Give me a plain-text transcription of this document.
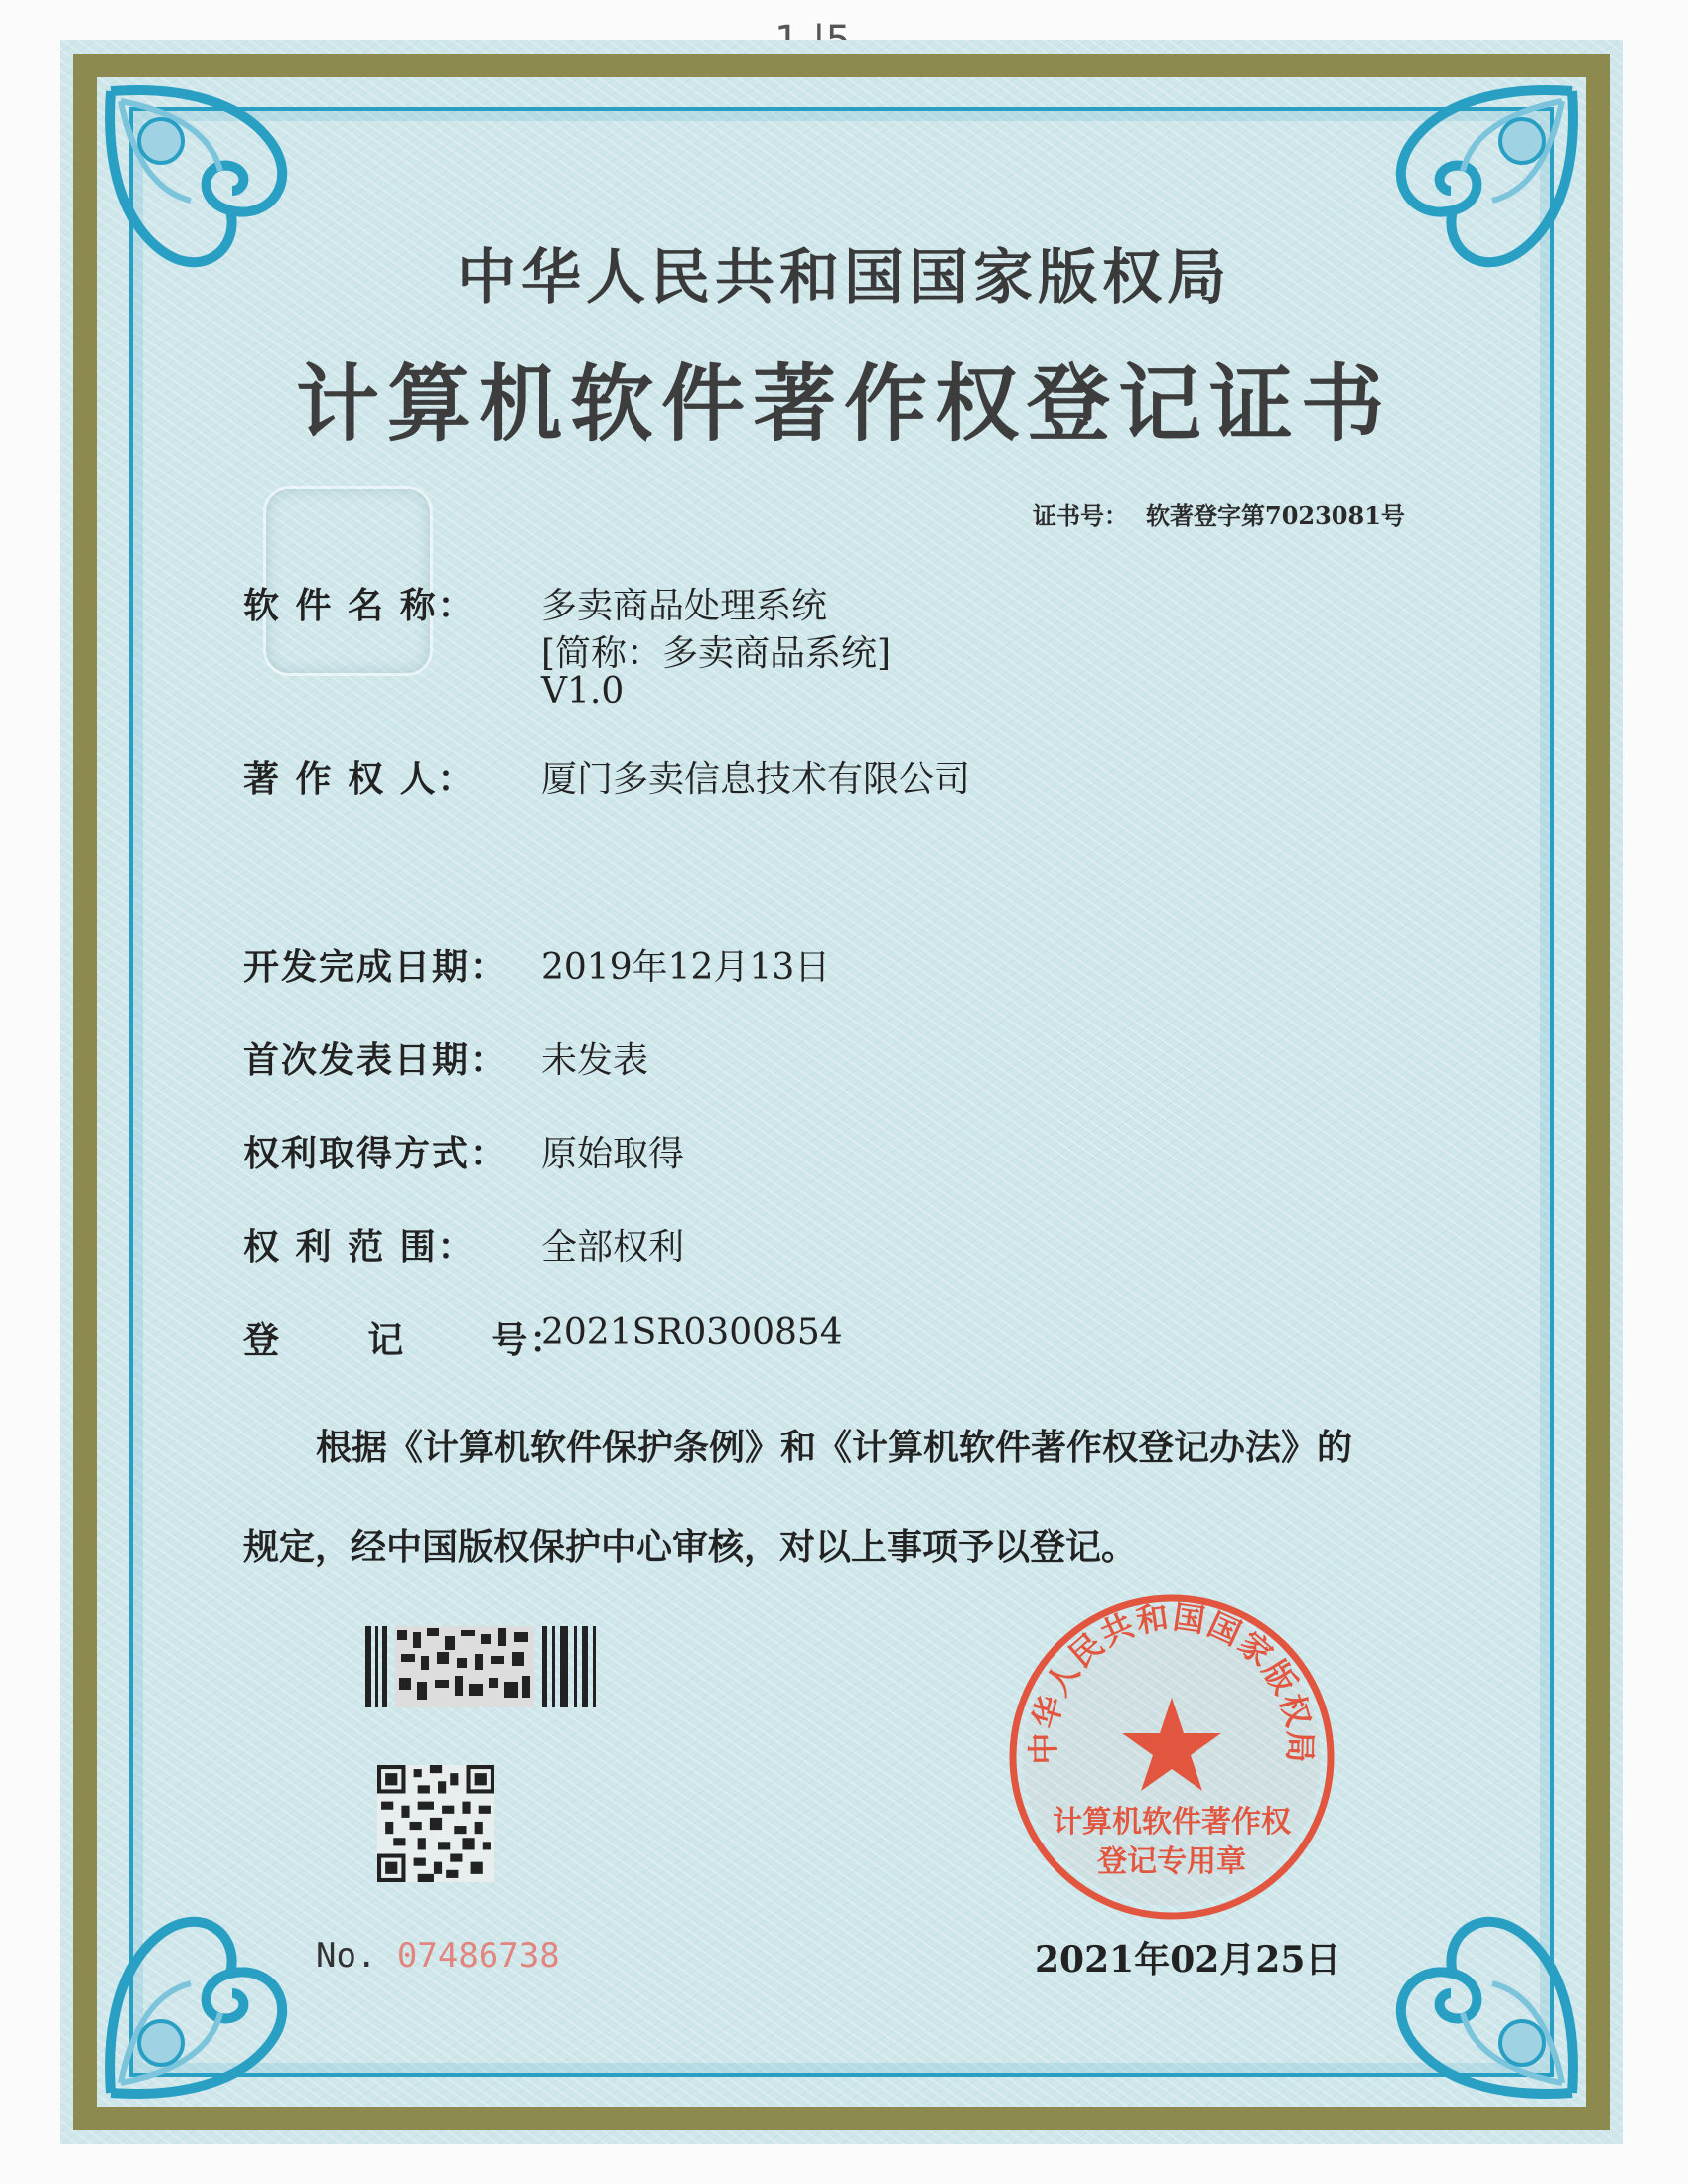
中华人民共和国国家版权局
计算机软件著作权登记证书
证书号： 软著登字第7023081号
软 件 名 称： 多卖商品处理系统
[简称：多卖商品系统]
V1.0
著 作 权 人： 厦门多卖信息技术有限公司
开发完成日期： 2019年12月13日
首次发表日期： 未发表
权利取得方式： 原始取得
权 利 范 围： 全部权利
登      记      号：
2021SR0300854
根据《计算机软件保护条例》和《计算机软件著作权登记办法》的
规定，经中国版权保护中心审核，对以上事项予以登记。
No. 07486738
中华人民共和国国家版权局
计算机软件著作权
登记专用章
2021年02月25日
